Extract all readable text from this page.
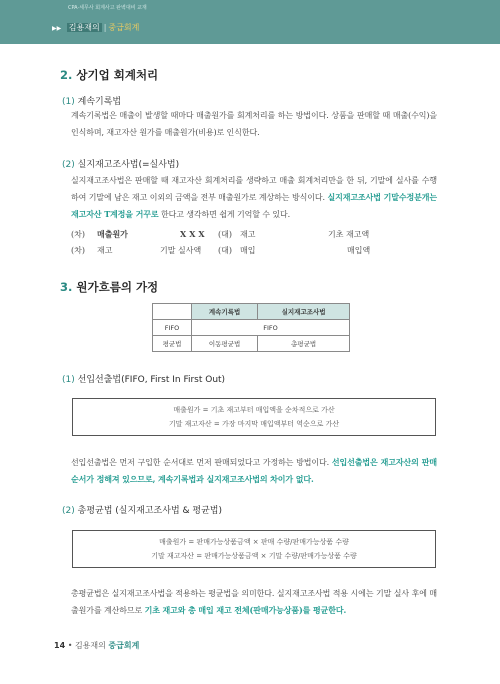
CPA·세무사 회계사고 완벽대비 교재
▶▶ 김용재의 | 중급회계
2. 상기업 회계처리
(1) 계속기록법
계속기록법은 매출이 발생할 때마다 매출원가를 회계처리를 하는 방법이다. 상품을 판매할 때 매출(수익)을 인식하며, 재고자산 원가를 매출원가(비용)로 인식한다.
(2) 실지재고조사법(=실사법)
실지재고조사법은 판매할 때 재고자산 회계처리를 생략하고 매출 회계처리만을 한 뒤, 기말에 실사를 수행하여 기말에 남은 재고 이외의 금액을 전부 매출원가로 계상하는 방식이다. 실지재고조사법 기말수정분개는 재고자산 T계정을 거꾸로 한다고 생각하면 쉽게 기억할 수 있다.
(차) 매출원가	XXX (대) 재고	기초 재고액
(차) 재고	기말 실사액 (대) 매입	매입액
3. 원가흐름의 가정
	계속기록법	실지재고조사법
FIFO	FIFO	
평균법	이동평균법	총평균법
(1) 선입선출법(FIFO, First In First Out)
매출원가 = 기초 재고부터 매입액을 순차적으로 가산
기말 재고자산 = 가장 마지막 매입액부터 역순으로 가산
선입선출법은 먼저 구입한 순서대로 먼저 판매되었다고 가정하는 방법이다. 선입선출법은 재고자산의 판매 순서가 정해져 있으므로, 계속기록법과 실지재고조사법의 차이가 없다.
(2) 총평균법 (실지재고조사법 & 평균법)
매출원가 = 판매가능상품금액 × 판매 수량/판매가능상품 수량
기말 재고자산 = 판매가능상품금액 × 기말 수량/판매가능상품 수량
총평균법은 실지재고조사법을 적용하는 평균법을 의미한다. 실지재고조사법 적용 시에는 기말 실사 후에 매출원가를 계산하므로 기초 재고와 총 매입 재고 전체(판매가능상품)를 평균한다.
14 • 김용재의 중급회계
